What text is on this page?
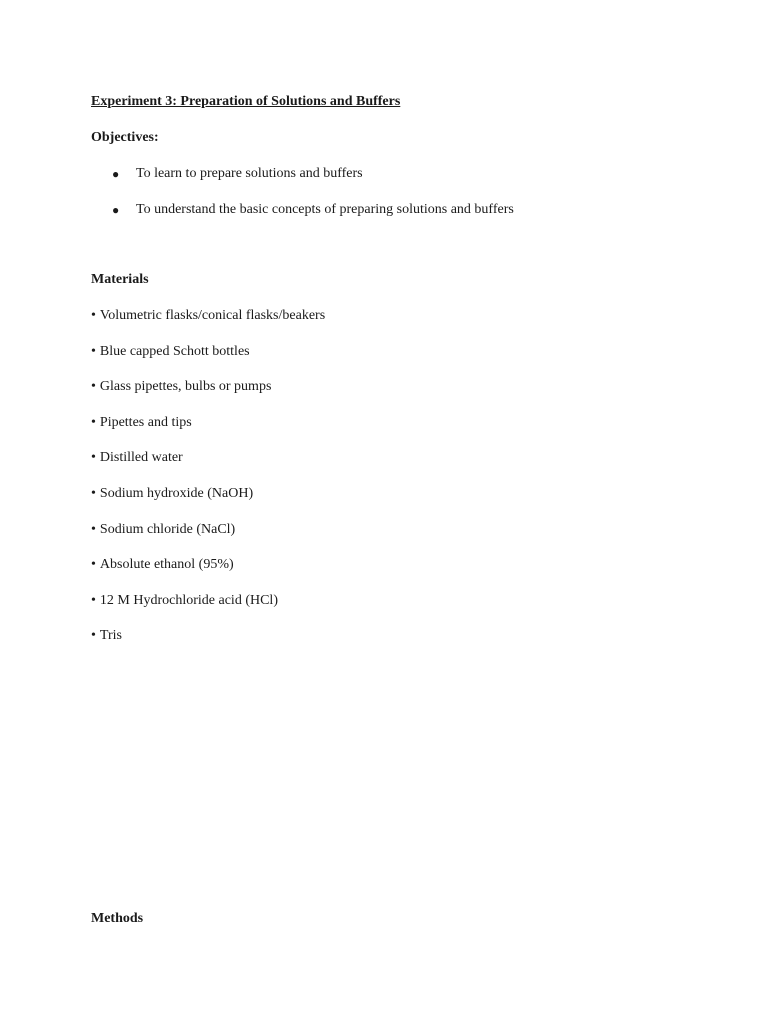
Experiment 3: Preparation of Solutions and Buffers

Objectives:

●	To learn to prepare solutions and buffers
●	To understand the basic concepts of preparing solutions and buffers

Materials

• Volumetric flasks/conical flasks/beakers
• Blue capped Schott bottles
• Glass pipettes, bulbs or pumps
• Pipettes and tips
• Distilled water
• Sodium hydroxide (NaOH)
• Sodium chloride (NaCl)
• Absolute ethanol (95%)
• 12 M Hydrochloride acid (HCl)
• Tris

Methods
